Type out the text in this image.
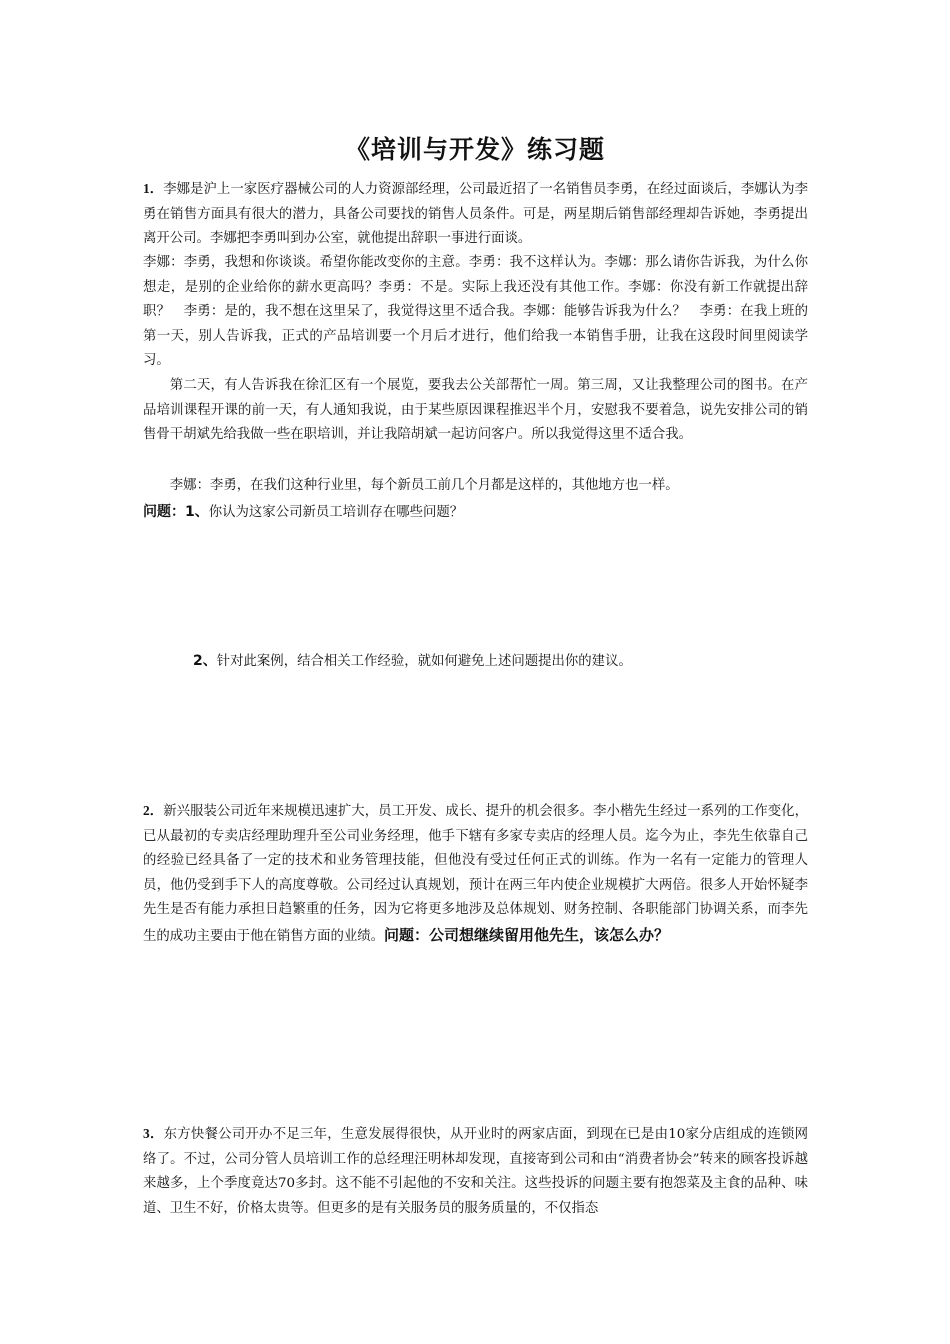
《培训与开发》练习题

1．李娜是沪上一家医疗器械公司的人力资源部经理，公司最近招了一名销售员李勇，在经过面谈后，李娜认为李勇在销售方面具有很大的潜力，具备公司要找的销售人员条件。可是，两星期后销售部经理却告诉她，李勇提出离开公司。李娜把李勇叫到办公室，就他提出辞职一事进行面谈。

李娜：李勇，我想和你谈谈。希望你能改变你的主意。李勇：我不这样认为。李娜：那么请你告诉我，为什么你想走，是别的企业给你的薪水更高吗？李勇：不是。实际上我还没有其他工作。李娜：你没有新工作就提出辞职？　李勇：是的，我不想在这里呆了，我觉得这里不适合我。李娜：能够告诉我为什么？　李勇：在我上班的第一天，别人告诉我，正式的产品培训要一个月后才进行，他们给我一本销售手册，让我在这段时间里阅读学习。

第二天，有人告诉我在徐汇区有一个展览，要我去公关部帮忙一周。第三周，又让我整理公司的图书。在产品培训课程开课的前一天，有人通知我说，由于某些原因课程推迟半个月，安慰我不要着急，说先安排公司的销售骨干胡斌先给我做一些在职培训，并让我陪胡斌一起访问客户。所以我觉得这里不适合我。

李娜：李勇，在我们这种行业里，每个新员工前几个月都是这样的，其他地方也一样。

问题：1、你认为这家公司新员工培训存在哪些问题？

2、针对此案例，结合相关工作经验，就如何避免上述问题提出你的建议。

2．新兴服装公司近年来规模迅速扩大，员工开发、成长、提升的机会很多。李小楷先生经过一系列的工作变化，已从最初的专卖店经理助理升至公司业务经理，他手下辖有多家专卖店的经理人员。迄今为止，李先生依靠自己的经验已经具备了一定的技术和业务管理技能，但他没有受过任何正式的训练。作为一名有一定能力的管理人员，他仍受到手下人的高度尊敬。公司经过认真规划，预计在两三年内使企业规模扩大两倍。很多人开始怀疑李先生是否有能力承担日趋繁重的任务，因为它将更多地涉及总体规划、财务控制、各职能部门协调关系，而李先生的成功主要由于他在销售方面的业绩。问题：公司想继续留用他先生，该怎么办？

3．东方快餐公司开办不足三年，生意发展得很快，从开业时的两家店面，到现在已是由10家分店组成的连锁网络了。不过，公司分管人员培训工作的总经理汪明林却发现，直接寄到公司和由“消费者协会”转来的顾客投诉越来越多，上个季度竟达70多封。这不能不引起他的不安和关注。这些投诉的问题主要有抱怨菜及主食的品种、味道、卫生不好，价格太贵等。但更多的是有关服务员的服务质量的，不仅指态
